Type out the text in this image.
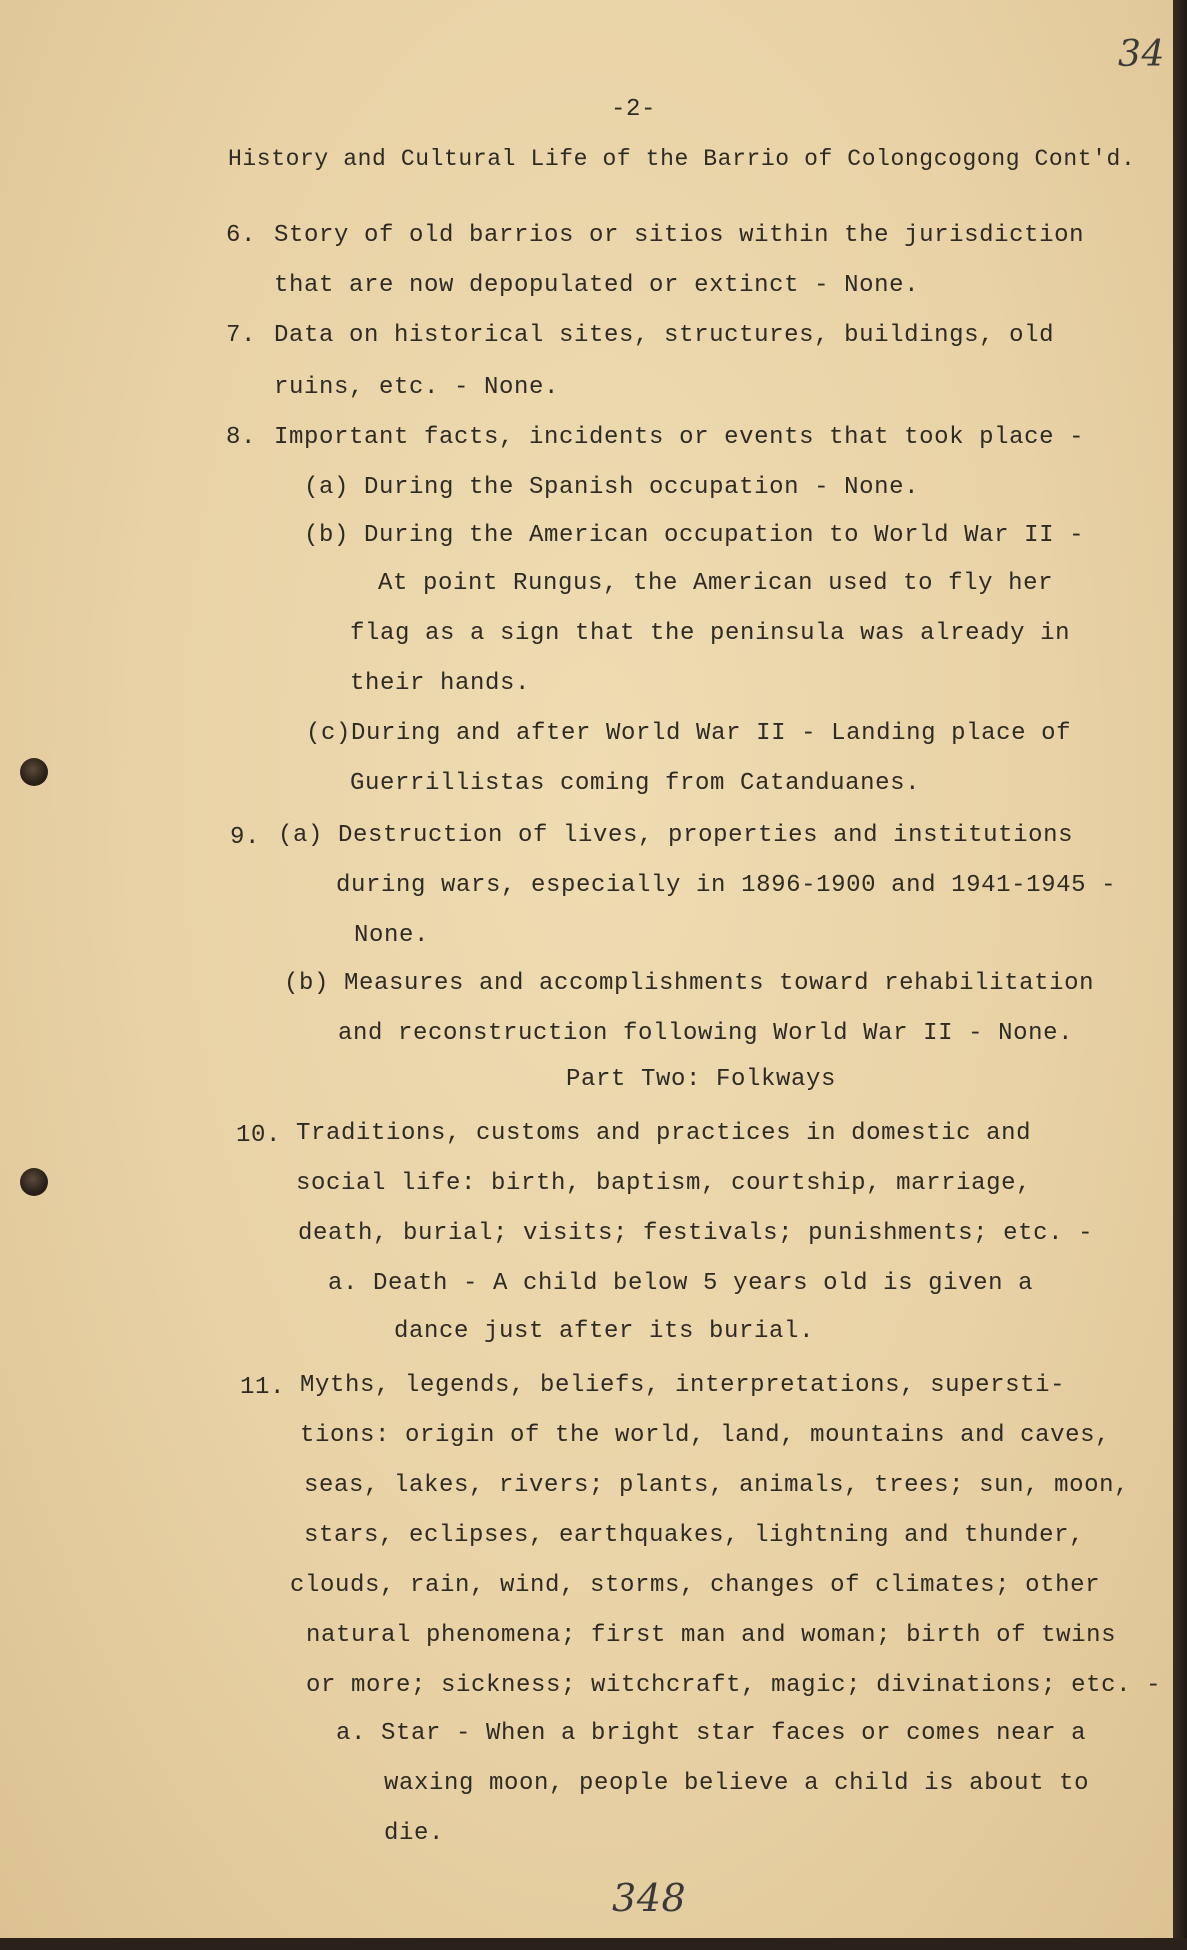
34
-2-
History and Cultural Life of the Barrio of Colongcogong Cont'd.
6. Story of old barrios or sitios within the jurisdiction
that are now depopulated or extinct - None.
7. Data on historical sites, structures, buildings, old
ruins, etc. - None.
8. Important facts, incidents or events that took place -
(a) During the Spanish occupation - None.
(b) During the American occupation to World War II -
At point Rungus, the American used to fly her
flag as a sign that the peninsula was already in
their hands.
(c)During and after World War II - Landing place of
Guerrillistas coming from Catanduanes.
9. (a) Destruction of lives, properties and institutions
during wars, especially in 1896-1900 and 1941-1945 -
None.
(b) Measures and accomplishments toward rehabilitation
and reconstruction following World War II - None.
Part Two: Folkways
10. Traditions, customs and practices in domestic and
social life: birth, baptism, courtship, marriage,
death, burial; visits; festivals; punishments; etc. -
a. Death - A child below 5 years old is given a
dance just after its burial.
11. Myths, legends, beliefs, interpretations, supersti-
tions: origin of the world, land, mountains and caves,
seas, lakes, rivers; plants, animals, trees; sun, moon,
stars, eclipses, earthquakes, lightning and thunder,
clouds, rain, wind, storms, changes of climates; other
natural phenomena; first man and woman; birth of twins
or more; sickness; witchcraft, magic; divinations; etc. -
a. Star - When a bright star faces or comes near a
waxing moon, people believe a child is about to
die.
348
